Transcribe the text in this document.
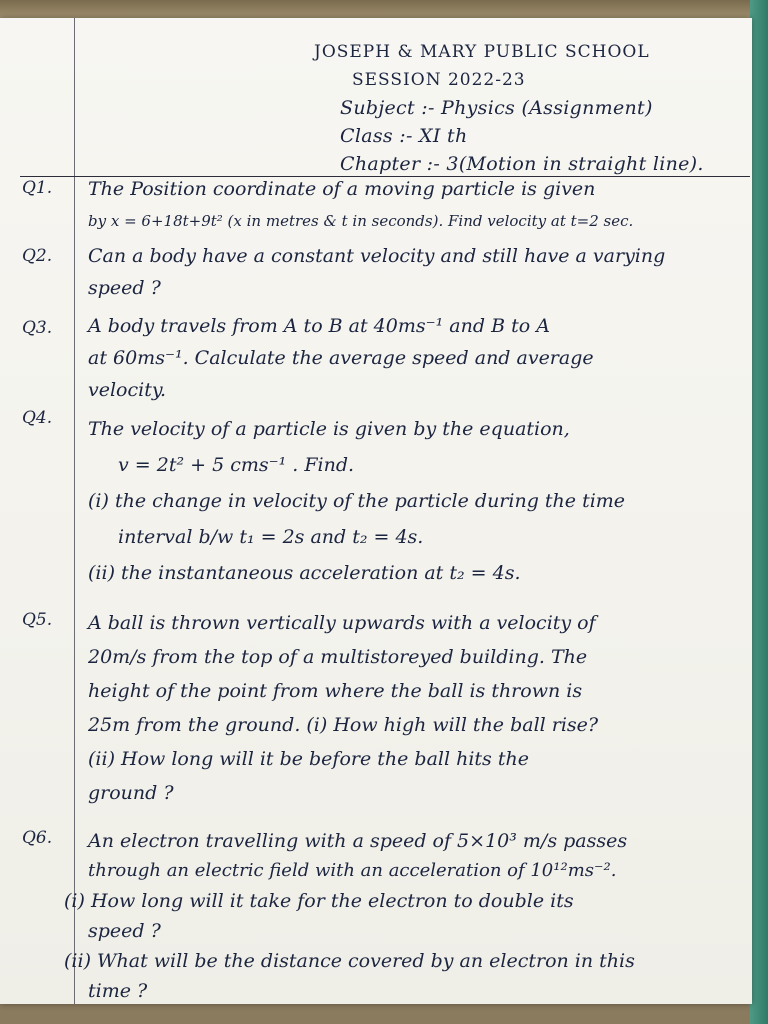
JOSEPH & MARY PUBLIC SCHOOL
SESSION 2022-23
Subject :- Physics (Assignment)
Class :- XI th
Chapter :- 3(Motion in straight line).
Q1. The Position coordinate of a moving particle is given
by x = 6+18t+9t² (x in metres & t in seconds). Find velocity at t=2 sec.
Q2. Can a body have a constant velocity and still have a varying
speed ?
Q3. A body travels from A to B at 40ms⁻¹ and B to A
at 60ms⁻¹. Calculate the average speed and average
velocity.
Q4. The velocity of a particle is given by the equation,
v = 2t² + 5 cms⁻¹ . Find.
(i) the change in velocity of the particle during the time
interval b/w t₁ = 2s and t₂ = 4s.
(ii) the instantaneous acceleration at t₂ = 4s.
Q5. A ball is thrown vertically upwards with a velocity of
20m/s from the top of a multistoreyed building. The
height of the point from where the ball is thrown is
25m from the ground. (i) How high will the ball rise?
(ii) How long will it be before the ball hits the
ground ?
Q6. An electron travelling with a speed of 5×10³ m/s passes
through an electric field with an acceleration of 10¹²ms⁻².
(i) How long will it take for the electron to double its
speed ?
(ii) What will be the distance covered by an electron in this
time ?
